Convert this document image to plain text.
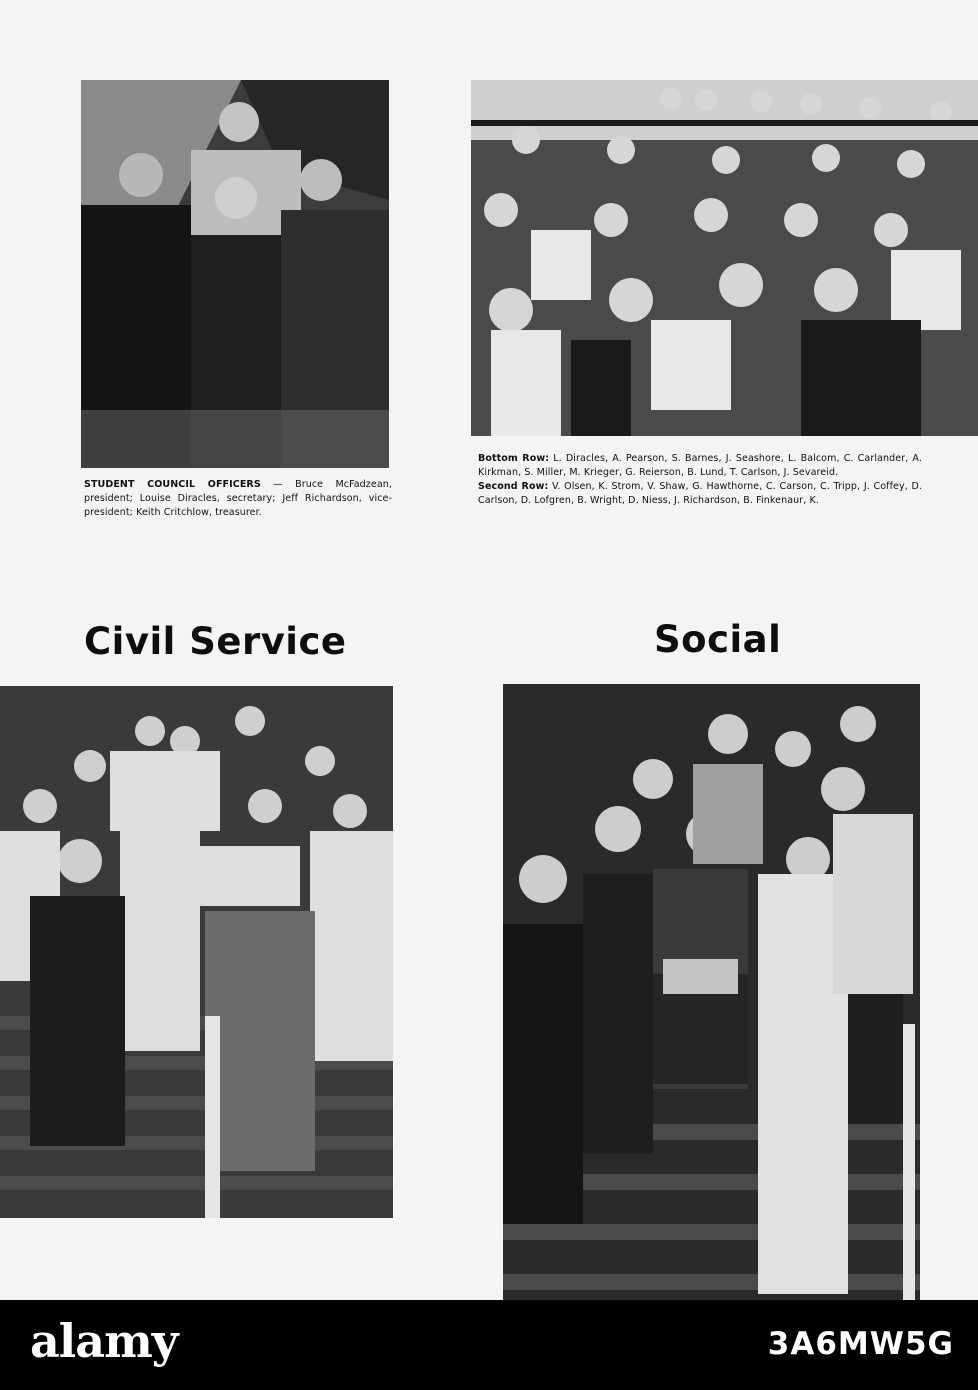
STUDENT COUNCIL OFFICERS — Bruce McFadzean, president; Louise Diracles, secretary; Jeff Richardson, vice-president; Keith Critchlow, treasurer.

Bottom Row: L. Diracles, A. Pearson, S. Barnes, J. Seashore, L. Balcom, C. Carlander, A. Kirkman, S. Miller, M. Krieger, G. Reierson, B. Lund, T. Carlson, J. Sevareid.
Second Row: V. Olsen, K. Strom, V. Shaw, G. Hawthorne, C. Carson, C. Tripp, J. Coffey, D. Carlson, D. Lofgren, B. Wright, D. Niess, J. Richardson, B. Finkenaur, K.

Civil Service	Social
alamy	3A6MW5G
